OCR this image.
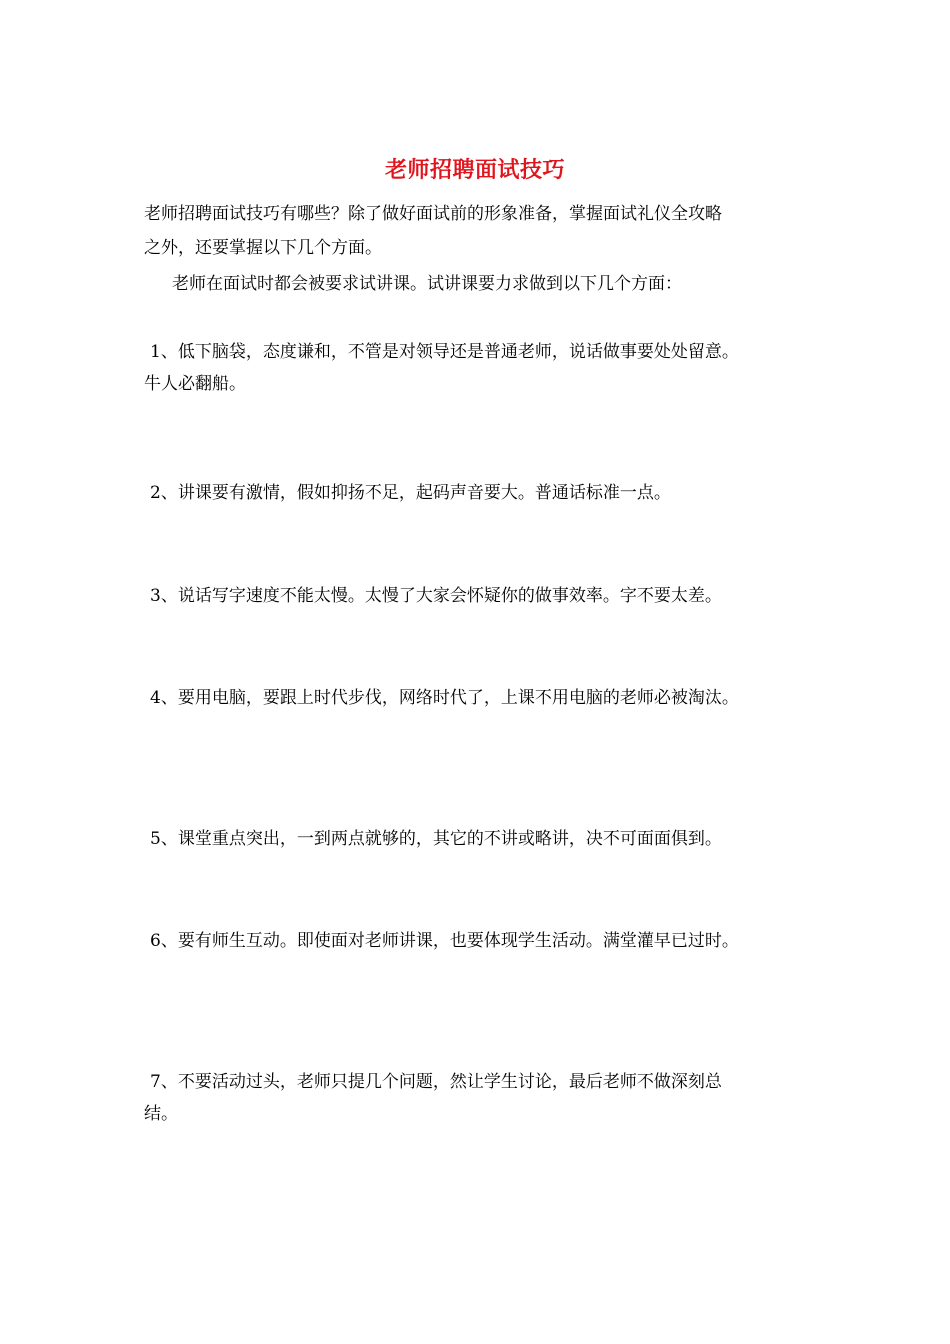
老师招聘面试技巧
老师招聘面试技巧有哪些？除了做好面试前的形象准备，掌握面试礼仪全攻略
之外，还要掌握以下几个方面。
老师在面试时都会被要求试讲课。试讲课要力求做到以下几个方面：
1、低下脑袋，态度谦和，不管是对领导还是普通老师，说话做事要处处留意。
牛人必翻船。
2、讲课要有激情，假如抑扬不足，起码声音要大。普通话标准一点。
3、说话写字速度不能太慢。太慢了大家会怀疑你的做事效率。字不要太差。
4、要用电脑，要跟上时代步伐，网络时代了，上课不用电脑的老师必被淘汰。
5、课堂重点突出，一到两点就够的，其它的不讲或略讲，决不可面面俱到。
6、要有师生互动。即使面对老师讲课，也要体现学生活动。满堂灌早已过时。
7、不要活动过头，老师只提几个问题，然让学生讨论，最后老师不做深刻总
结。
